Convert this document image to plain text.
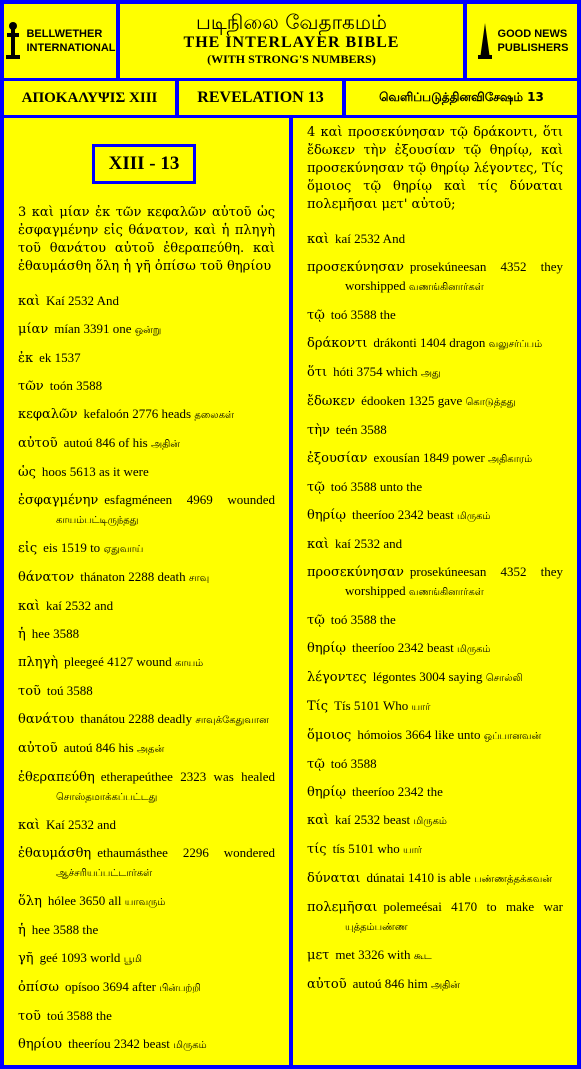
BELLWETHER
INTERNATIONAL
படிநிலை வேதாகமம்
THE INTERLAYER BIBLE
(WITH STRONG'S NUMBERS)
GOOD NEWS
PUBLISHERS
ΑΠΟΚΑΛΥΨΙΣ XIII	REVELATION 13	வெளிப்படுத்தினவிசேஷம் 13
XIII - 13
3 καὶ μίαν ἐκ τῶν κεφαλῶν αὐτοῦ ὡς ἐσφαγμένην εἰς θάνατον, καὶ ἡ πληγὴ τοῦ θανάτου αὐτοῦ ἐθεραπεύθη. καὶ ἐθαυμάσθη ὅλη ἡ γῆ ὀπίσω τοῦ θηρίου
καὶ Kaí 2532 And
μίαν mían 3391 one ஒன்று
ἐκ ek 1537
τῶν toón 3588
κεφαλῶν kefaloón 2776 heads தலைகள்
αὐτοῦ autoú 846 of his அதின்
ὡς hoos 5613 as it were
ἐσφαγμένην esfagméneen 4969 wounded காயம்பட்டிருந்தது
εἰς eis 1519 to ஏதுவாய்
θάνατον thánaton 2288 death சாவு
καὶ kaí 2532 and
ἡ hee 3588
πληγὴ pleegeé 4127 wound காயம்
τοῦ toú 3588
θανάτου thanátou 2288 deadly சாவுக்கேதுவான
αὐτοῦ autoú 846 his அதன்
ἐθεραπεύθη etherapeúthee 2323 was healed சொஸ்தமாக்கப்பட்டது
καὶ Kaí 2532 and
ἐθαυμάσθη ethaumásthee 2296 wondered ஆச்சரியப்பட்டார்கள்
ὅλη hólee 3650 all யாவரும்
ἡ hee 3588 the
γῆ geé 1093 world பூமி
ὀπίσω opísoo 3694 after பின்பற்றி
τοῦ toú 3588 the
θηρίου theeríou 2342 beast மிருகம்
4 καὶ προσεκύνησαν τῷ δράκοντι, ὅτι ἔδωκεν τὴν ἐξουσίαν τῷ θηρίῳ, καὶ προσεκύνησαν τῷ θηρίῳ λέγοντες, Τίς ὅμοιος τῷ θηρίῳ καὶ τίς δύναται πολεμῆσαι μετ' αὐτοῦ;
καὶ kaí 2532 And
προσεκύνησαν prosekúneesan 4352 they worshipped வணங்கினார்கள்
τῷ toó 3588 the
δράκοντι drákonti 1404 dragon வலுசர்ப்பம்
ὅτι hóti 3754 which அது
ἔδωκεν édooken 1325 gave கொடுத்தது
τὴν teén 3588
ἐξουσίαν exousían 1849 power அதிகாரம்
τῷ toó 3588 unto the
θηρίῳ theeríoo 2342 beast மிருகம்
καὶ kaí 2532 and
προσεκύνησαν prosekúneesan 4352 they worshipped வணங்கினார்கள்
τῷ toó 3588 the
θηρίῳ theeríoo 2342 beast மிருகம்
λέγοντες légontes 3004 saying சொல்லி
Τίς Tís 5101 Who யார்
ὅμοιος hómoios 3664 like unto ஒப்பானவன்
τῷ toó 3588
θηρίῳ theeríoo 2342 the
καὶ kaí 2532 beast மிருகம்
τίς tís 5101 who யார்
δύναται dúnatai 1410 is able பண்ணத்தக்கவன்
πολεμῆσαι polemeésai 4170 to make war யுத்தம்பண்ண
μετ met 3326 with கூட
αὐτοῦ autoú 846 him அதின்
